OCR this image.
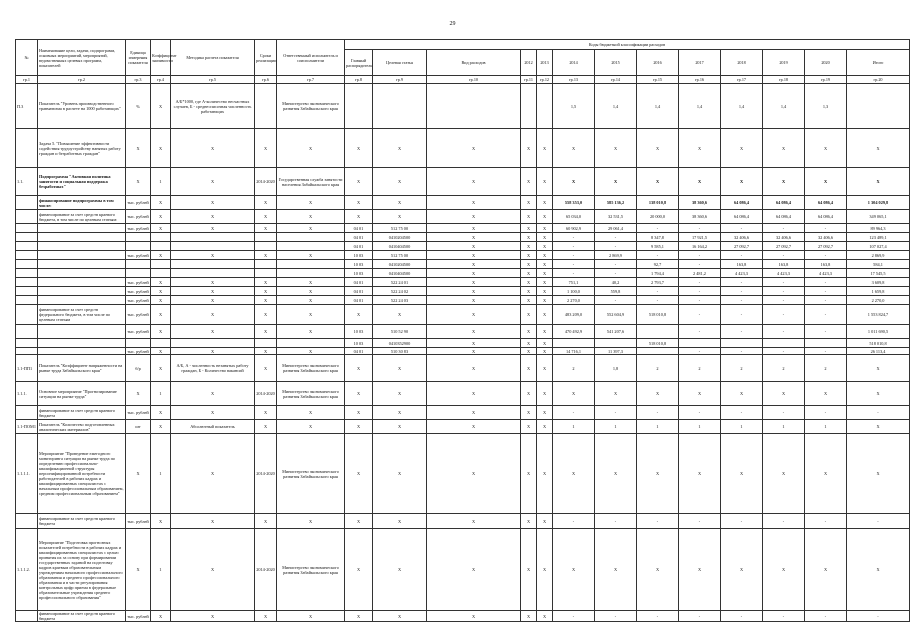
29
№	Наименование цели, задачи, подпрограмм, основных мероприятий, мероприятий, ведомственных целевых программ, показателей	Единица измерения показателя	Коэффициент значимости	Методика расчета показателя	Сроки реализации	Ответственный исполнитель и соисполнители	Коды бюджетной классификации расходов												
							Главный распорядитель	Целевая статья	Вид расходов	2012	2013	2014	2015	2016	2017	2018	2019	2020	Итого
гр.1	гр.2	гр.3	гр.4	гр.5	гр.6	гр.7	гр.8	гр.9	гр.10	гр.11	гр.12	гр.13	гр.14	гр.15	гр.16	гр.17	гр.18	гр.19	гр.20
П.3	Показатель "Уровень производственного травматизма в расчете на 1000 работающих"	%	Х	А/Б*1000, где А-количество несчастных случаев, Б - среднесписочная численность работающих		Министерство экономического развития Забайкальского края						1,5	1,4	1,4	1,4	1,4	1,4	1,3	
	Задача 5. "Повышение эффективности содействия трудоустройству нанятых работу граждан и безработных граждан"	Х	Х	Х	Х	Х	Х	Х	Х	Х	Х	Х	Х	Х	Х	Х	Х	Х	Х
1.1.	Подпрограмма "Активная политика занятости и социальная поддержка безработных"	Х	1	Х	2014-2020	Государственная служба занятости населения Забайкальского края	Х	Х	Х	Х	Х	Х	Х	Х	Х	Х	Х	Х	Х
	финансирование подпрограммы в том числе:	тыс. рублей	Х	Х	Х	Х	Х	Х	Х	Х	Х	558 353,0	585 136,2	138 010,8	38 360,6	64 086,4	64 086,4	64 086,4	1 304 029,8
	финансирование за счет средств краевого бюджета, в том числе по целевым статьям:	тыс. рублей	Х	Х	Х	Х	Х	Х	Х	Х	Х	65 034,0	32 531,5	20 000,0	38 360,6	64 086,4	64 086,4	64 086,4	349 065,1
		тыс. рублей	Х	Х	Х	Х	04 01	512 75 00	Х	Х	Х	60 902,9	29 061,4	-	-	-	-	-	89 964,3
							04 01	0410204500	Х	Х	Х	-	-	8 347,8	17 921,5	32 406,6	32 406,6	32 406,6	123 489,1
							04 01	0410404500	Х	Х	Х	-	-	9 585,1	16 164,2	27 092,7	27 092,7	27 092,7	107 027,4
		тыс. рублей	Х	Х	Х	Х	10 03	512 75 00	Х	Х	Х	-	2 869,9	-	-	-	-	-	2 869,9
							10 03	0410204500	Х	Х	Х	-	-	92,7	-	163,8	163,8	163,8	584,1
							10 03	0410404500	Х	Х	Х	-	-	1 794,4	2 481,2	4 423,3	4 423,3	4 423,3	17 545,5
		тыс. рублей	Х	Х	Х	Х	04 01	522 24 01	Х	Х	Х	751,1	40,2	2 793,7	-	-	-	-	3 609,8
		тыс. рублей	Х	Х	Х	Х	04 01	522 24 02	Х	Х	Х	1 100,0	559,8	-	-	-	-	-	1 659,8
		тыс. рублей	Х	Х	Х	Х	04 01	522 24 03	Х	Х	Х	2 270,0	-	-	-	-	-	-	2 270,0
	финансирование за счет средств федерального бюджета, в том числе по целевым статьям	тыс. рублей	Х	Х	Х	Х	Х	Х	Х	Х	Х	483 209,0	552 604,9	518 010,8	-	-	-	-	1 553 824,7
		тыс. рублей	Х	Х	Х	Х	10 03	510 52 90	Х	Х	Х	470 492,9	541 207,6		-	-	-	-	1 011 690,5
							10 03	0410352900	Х	Х	Х			518 010,8					518 010,8
		тыс. рублей	Х	Х	Х	Х	04 01	510 30 83	Х	Х	Х	14 716,1	11 397,3		-	-	-	-	26 113,4
1.1-ПП1	Показатель "Коэффициент напряженности на рынке труда Забайкальского края"	б/р	Х	А/Б, А - численность незанятых работу граждан, Б - Количество вакансий	Х	Министерство экономического развития Забайкальского края	Х	Х	Х	Х	Х	2	1,8	2	2	2	2	2	Х
1.1.1.	Основное мероприятие "Прогнозирование ситуации на рынке труда"	Х	1	Х	2014-2020	Министерство экономического развития Забайкальского края	Х	Х	Х	Х	Х	Х	Х	Х	Х	Х	Х	Х	Х
	финансирование за счет средств краевого бюджета	тыс. рублей	Х	Х	Х	Х	Х	Х	Х	Х	Х	-	-	-	-	-	-	-	-
1.1-ПОМ1	Показатель "Количество подготовленных аналитических материалов"	шт	Х	Абсолютный показатель	Х	Х	Х	Х	Х	Х	Х	1	1	1	1	1	1	1	Х
1.1.1.1.	Мероприятие "Проведение ежегодного мониторинга ситуации на рынке труда по определению профессионально-квалификационной структуры персонифицированной потребности работодателей в рабочих кадрах и квалифицированных специалистах с начальным профессиональным образованием, средним профессиональным образованием"	Х	1	Х	2014-2020	Министерство экономического развития Забайкальского края	Х	Х	Х	Х	Х	Х	Х	Х	Х	Х	Х	Х	Х
	финансирование за счет средств краевого бюджета	тыс. рублей	Х	Х	Х	Х	Х	Х	Х	Х	Х	-	-	-	-	-	-	-	-
1.1.1.2.	Мероприятие "Подготовка прогнозных показателей потребности в рабочих кадрах и квалифицированных специалистах с целью принятия их за основу при формировании государственных заданий на подготовку кадров краевым образовательным учреждениям начального профессионального образования и среднего профессионального образования и в части регулирования контрольных цифр приема в федеральные образовательные учреждения среднего профессионального образования"	Х	1	Х	2014-2020	Министерство экономического развития Забайкальского края	Х	Х	Х	Х	Х	Х	Х	Х	Х	Х	Х	Х	Х
	финансирование за счет средств краевого бюджета	тыс. рублей	Х	Х	Х	Х	Х	Х	Х	Х	Х	-	-	-	-	-	-	-	-
